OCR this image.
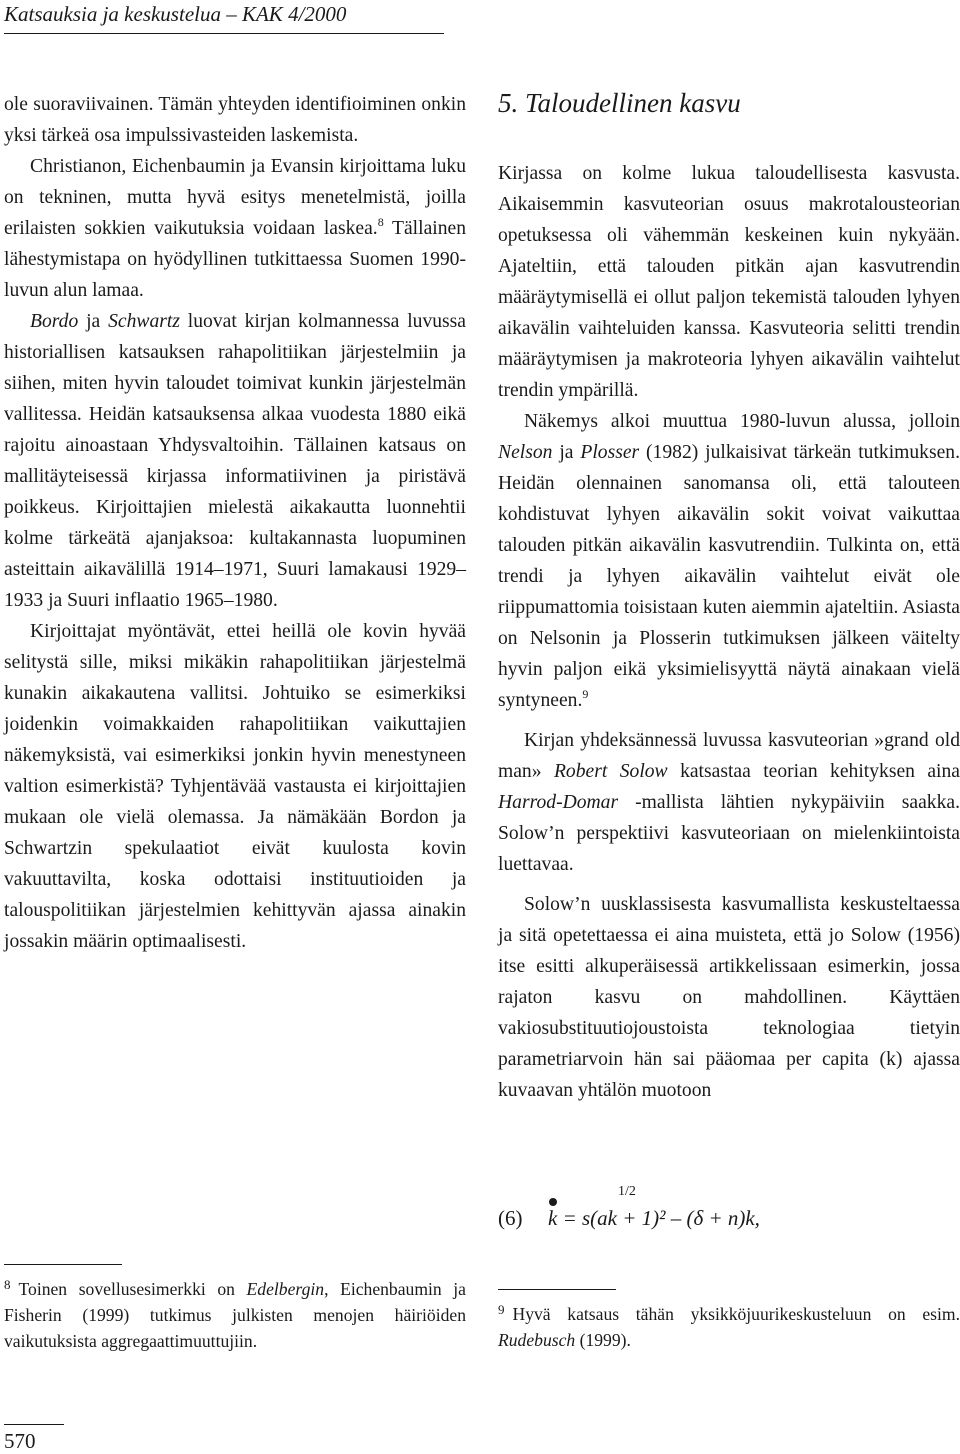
Katsauksia ja keskustelua – KAK 4/2000

ole suoraviivainen. Tämän yhteyden identifioiminen onkin yksi tärkeä osa impulssivasteiden laskemista.

Christianon, Eichenbaumin ja Evansin kirjoittama luku on tekninen, mutta hyvä esitys menetelmistä, joilla erilaisten sokkien vaikutuksia voidaan laskea.$^8$ Tällainen lähestymistapa on hyödyllinen tutkittaessa Suomen 1990-luvun alun lamaa.

Bordo ja Schwartz luovat kirjan kolmannessa luvussa historiallisen katsauksen rahapolitiikan järjestelmiin ja siihen, miten hyvin taloudet toimivat kunkin järjestelmän vallitessa. Heidän katsauksensa alkaa vuodesta 1880 eikä rajoitu ainoastaan Yhdysvaltoihin. Tällainen katsaus on mallitäyteisessä kirjassa informatiivinen ja piristävä poikkeus. Kirjoittajien mielestä aikakautta luonnehtii kolme tärkeätä ajanjaksoa: kultakannasta luopuminen asteittain aikavälillä 1914–1971, Suuri lamakausi 1929–1933 ja Suuri inflaatio 1965–1980.

Kirjoittajat myöntävät, ettei heillä ole kovin hyvää selitystä sille, miksi mikäkin rahapolitiikan järjestelmä kunakin aikakautena vallitsi. Johtuiko se esimerkiksi joidenkin voimakkaiden rahapolitiikan vaikuttajien näkemyksistä, vai esimerkiksi jonkin hyvin menestyneen valtion esimerkistä? Tyhjentävää vastausta ei kirjoittajien mukaan ole vielä olemassa. Ja nämäkään Bordon ja Schwartzin spekulaatiot eivät kuulosta kovin vakuuttavilta, koska odottaisi instituutioiden ja talouspolitiikan järjestelmien kehittyvän ajassa ainakin jossakin määrin optimaalisesti.

5. Taloudellinen kasvu

Kirjassa on kolme lukua taloudellisesta kasvusta. Aikaisemmin kasvuteorian osuus makrotalousteorian opetuksessa oli vähemmän keskeinen kuin nykyään. Ajateltiin, että talouden pitkän ajan kasvutrendin määräytymisellä ei ollut paljon tekemistä talouden lyhyen aikavälin vaihteluiden kanssa. Kasvuteoria selitti trendin määräytymisen ja makroteoria lyhyen aikavälin vaihtelut trendin ympärillä.

Näkemys alkoi muuttua 1980-luvun alussa, jolloin Nelson ja Plosser (1982) julkaisivat tärkeän tutkimuksen. Heidän olennainen sanomansa oli, että talouteen kohdistuvat lyhyen aikavälin sokit voivat vaikuttaa talouden pitkän aikavälin kasvutrendiin. Tulkinta on, että trendi ja lyhyen aikavälin vaihtelut eivät ole riippumattomia toisistaan kuten aiemmin ajateltiin. Asiasta on Nelsonin ja Plosserin tutkimuksen jälkeen väitelty hyvin paljon eikä yksimielisyyttä näytä ainakaan vielä syntyneen.$^9$

Kirjan yhdeksännessä luvussa kasvuteorian »grand old man» Robert Solow katsastaa teorian kehityksen aina Harrod-Domar -mallista lähtien nykypäiviin saakka. Solow’n perspektiivi kasvuteoriaan on mielenkiintoista luettavaa.

Solow’n uusklassisesta kasvumallista keskusteltaessa ja sitä opetettaessa ei aina muisteta, että jo Solow (1956) itse esitti alkuperäisessä artikkelissaan esimerkin, jossa rajaton kasvu on mahdollinen. Käyttäen vakiosubstituutiojoustoista teknologiaa tietyin parametriarvoin hän sai pääomaa per capita (k) ajassa kuvaavan yhtälön muotoon

(6)
1/2
k = s(ak + 1)² – (δ + n)k,
$^8$ Toinen sovellusesimerkki on Edelbergin, Eichenbaumin ja Fisherin (1999) tutkimus julkisten menojen häiriöiden vaikutuksista aggregaattimuuttujiin.
$^9$ Hyvä katsaus tähän yksikköjuurikeskusteluun on esim. Rudebusch (1999).
570
